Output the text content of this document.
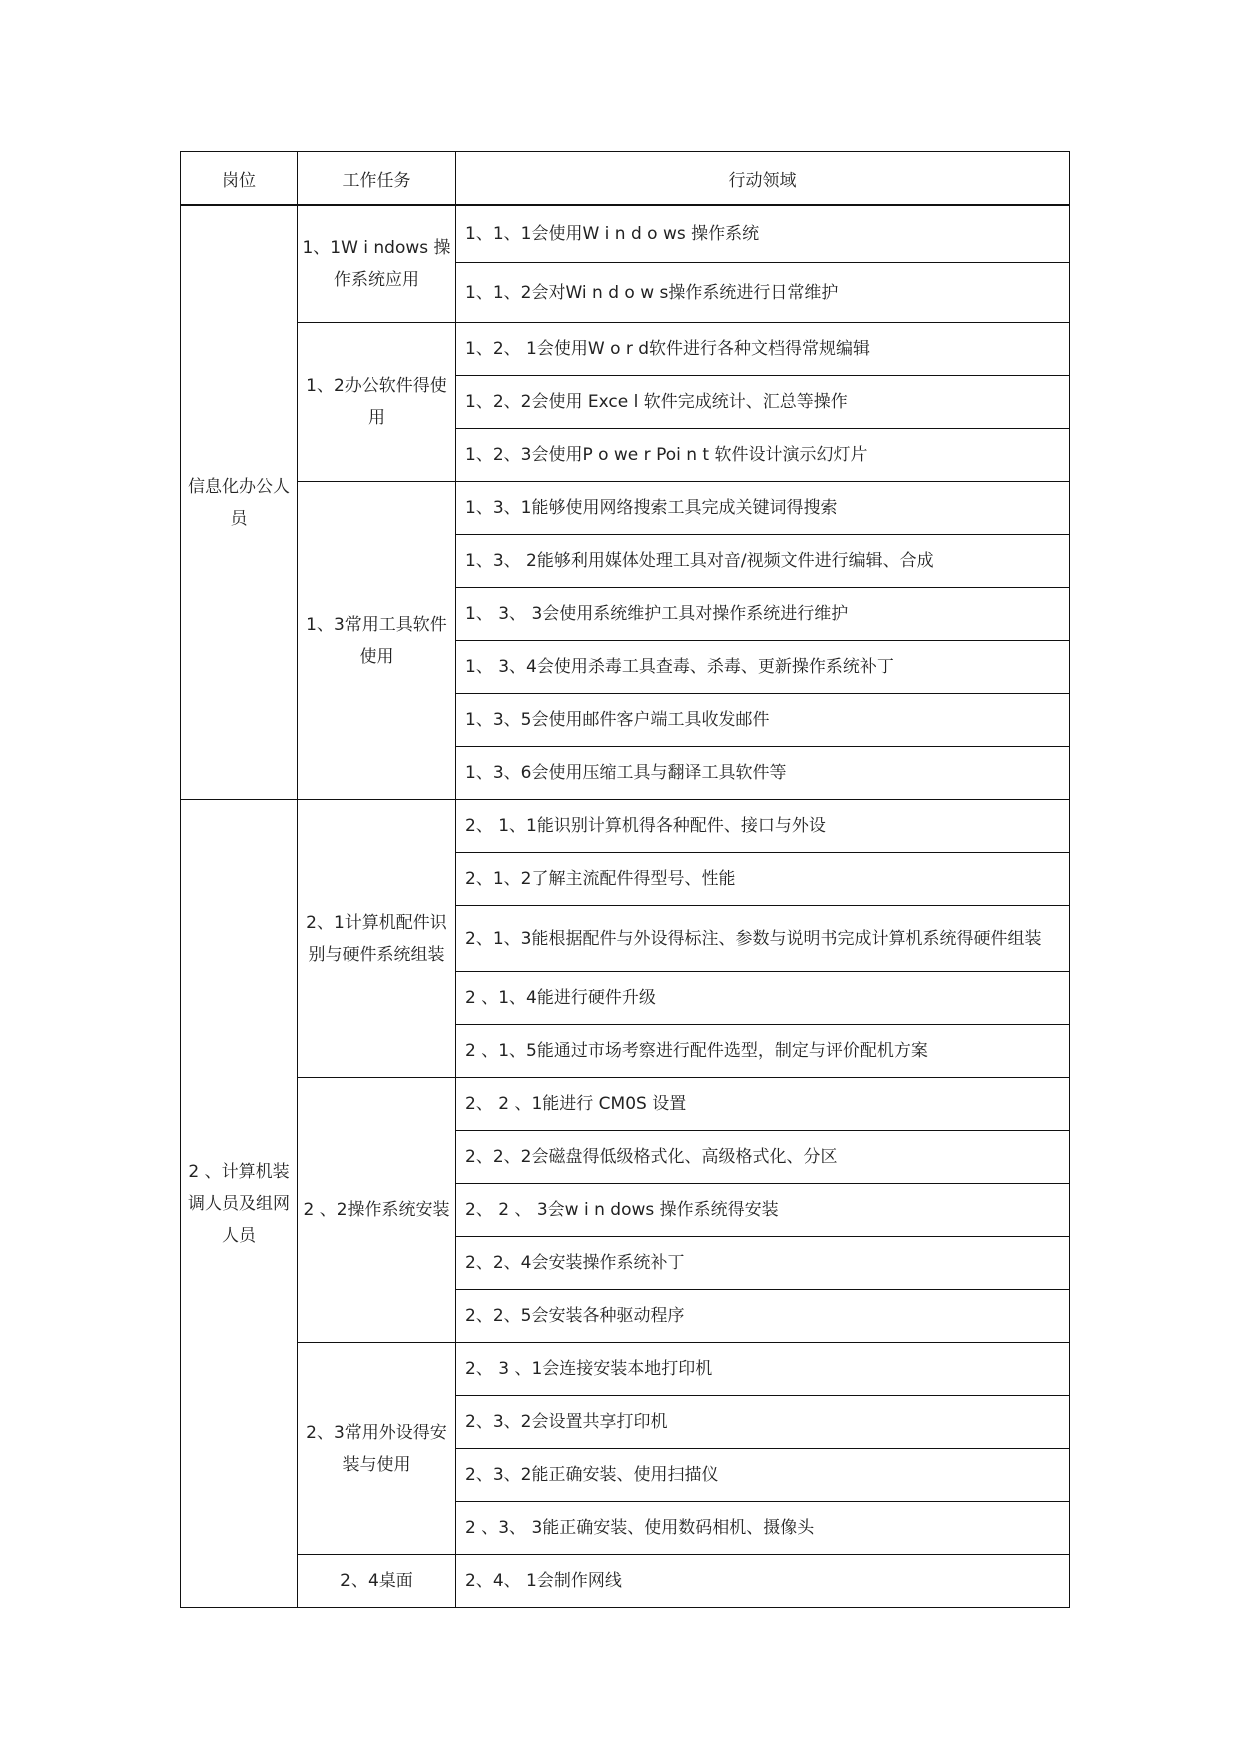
岗位	工作任务	行动领域
信息化办公人员	1、1W i ndows 操 作系统应用	1、1、1会使用W i n d o ws 操作系统
		1、1、2会对Wi n d o w s操作系统进行日常维护
	1、2办公软件得使用	1、2、 1会使用W o r d软件进行各种文档得常规编辑
		1、2、2会使用 Exce l 软件完成统计、汇总等操作
		1、2、3会使用P o we r Poi n t 软件设计演示幻灯片
	1、3常用工具软件使用	1、3、1能够使用网络搜索工具完成关键词得搜索
		1、3、 2能够利用媒体处理工具对音/视频文件进行编辑、合成
		1、 3、 3会使用系统维护工具对操作系统进行维护
		1、 3、4会使用杀毒工具查毒、杀毒、更新操作系统补丁
		1、3、5会使用邮件客户端工具收发邮件
		1、3、6会使用压缩工具与翻译工具软件等
2 、计算机装调人员及组网人员	2、1计算机配件识别与硬件系统组装	2、 1、1能识别计算机得各种配件、接口与外设
		2、1、2了解主流配件得型号、性能
		2、1、3能根据配件与外设得标注、参数与说明书完成计算机系统得硬件组装
		2 、1、4能进行硬件升级
		2 、1、5能通过市场考察进行配件选型，制定与评价配机方案
	2 、2操作系统安装	2、 2 、1能进行 CM0S 设置
		2、2、2会磁盘得低级格式化、高级格式化、分区
		2、 2 、 3会w i n dows 操作系统得安装
		2、2、4会安装操作系统补丁
		2、2、5会安装各种驱动程序
	2、3常用外设得安装与使用	2、 3 、1会连接安装本地打印机
		2、3、2会设置共享打印机
		2、3、2能正确安装、使用扫描仪
		2 、3、 3能正确安装、使用数码相机、摄像头
	2、4桌面	2、4、 1会制作网线
